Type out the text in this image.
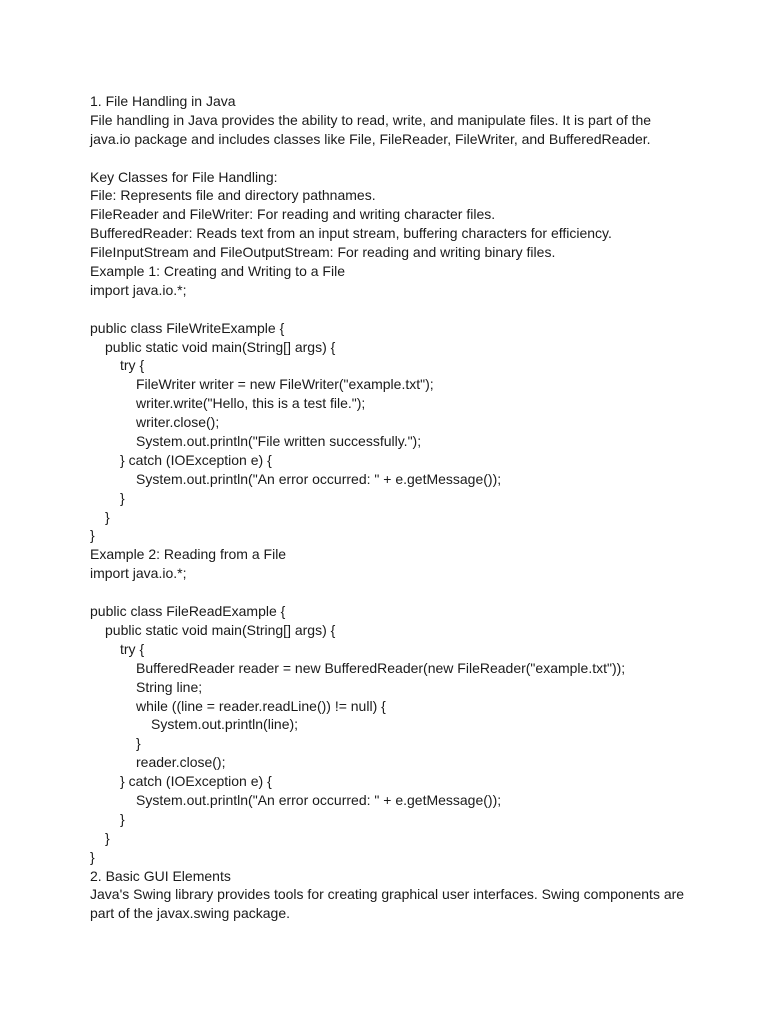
1. File Handling in Java
File handling in Java provides the ability to read, write, and manipulate files. It is part of the
java.io package and includes classes like File, FileReader, FileWriter, and BufferedReader.
Key Classes for File Handling:
File: Represents file and directory pathnames.
FileReader and FileWriter: For reading and writing character files.
BufferedReader: Reads text from an input stream, buffering characters for efficiency.
FileInputStream and FileOutputStream: For reading and writing binary files.
Example 1: Creating and Writing to a File
import java.io.*;
public class FileWriteExample {
public static void main(String[] args) {
try {
FileWriter writer = new FileWriter("example.txt");
writer.write("Hello, this is a test file.");
writer.close();
System.out.println("File written successfully.");
} catch (IOException e) {
System.out.println("An error occurred: " + e.getMessage());
}
}
}
Example 2: Reading from a File
import java.io.*;
public class FileReadExample {
public static void main(String[] args) {
try {
BufferedReader reader = new BufferedReader(new FileReader("example.txt"));
String line;
while ((line = reader.readLine()) != null) {
System.out.println(line);
}
reader.close();
} catch (IOException e) {
System.out.println("An error occurred: " + e.getMessage());
}
}
}
2. Basic GUI Elements
Java's Swing library provides tools for creating graphical user interfaces. Swing components are
part of the javax.swing package.
